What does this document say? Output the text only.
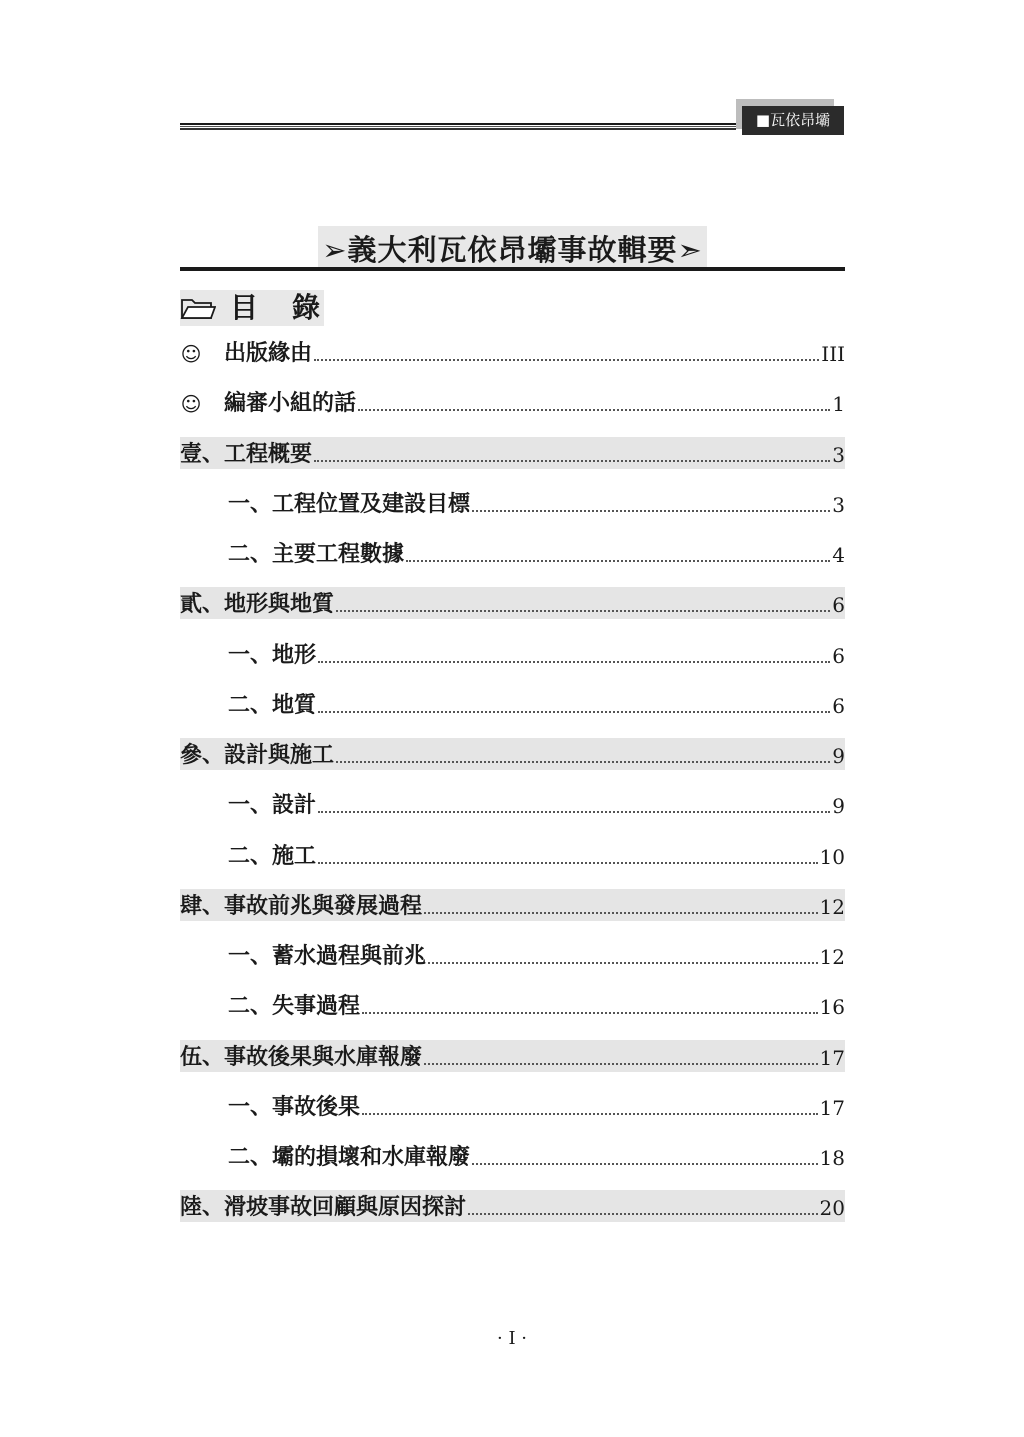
■瓦依昂壩
➢義大利瓦依昂壩事故輯要➣
目錄
☺ 出版緣由	III
☺ 編審小組的話	1
壹、工程概要	3
一、工程位置及建設目標	3
二、主要工程數據	4
貳、地形與地質	6
一、地形	6
二、地質	6
參、設計與施工	9
一、設計	9
二、施工	10
肆、事故前兆與發展過程	12
一、蓄水過程與前兆	12
二、失事過程	16
伍、事故後果與水庫報廢	17
一、事故後果	17
二、壩的損壞和水庫報廢	18
陸、滑坡事故回顧與原因探討	20
· I ·
